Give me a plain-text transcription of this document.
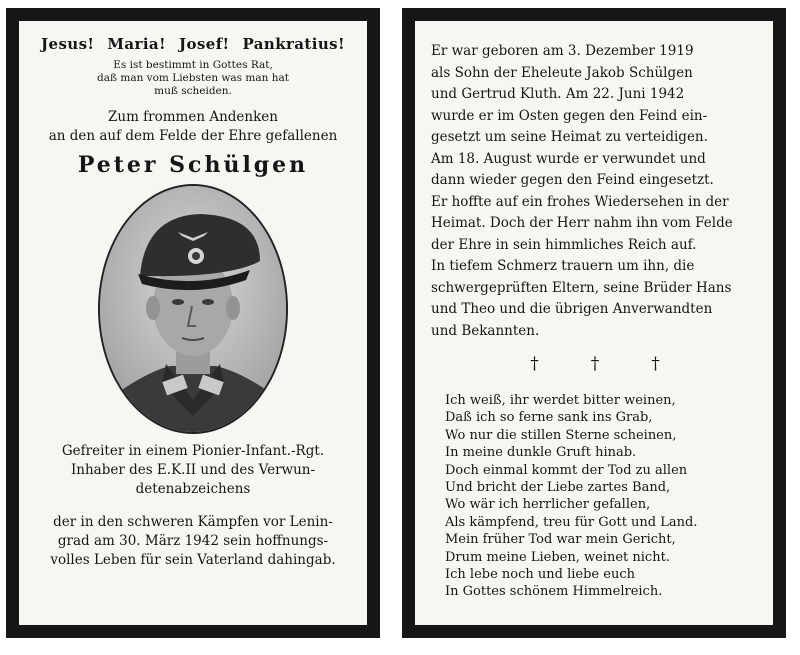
Jesus! Maria! Josef! Pankratius!
Es ist bestimmt in Gottes Rat,
daß man vom Liebsten was man hat
muß scheiden.
Zum frommen Andenken
an den auf dem Felde der Ehre gefallenen
Peter Schülgen
Gefreiter in einem Pionier-Infant.-Rgt.
Inhaber des E.K.II und des Verwun-
detenabzeichens
der in den schweren Kämpfen vor Lenin-
grad am 30. März 1942 sein hoffnungs-
volles Leben für sein Vaterland dahingab.
Er war geboren am 3. Dezember 1919
als Sohn der Eheleute Jakob Schülgen
und Gertrud Kluth. Am 22. Juni 1942
wurde er im Osten gegen den Feind ein-
gesetzt um seine Heimat zu verteidigen.
Am 18. August wurde er verwundet und
dann wieder gegen den Feind eingesetzt.
Er hoffte auf ein frohes Wiedersehen in der
Heimat. Doch der Herr nahm ihn vom Felde
der Ehre in sein himmliches Reich auf.
In tiefem Schmerz trauern um ihn, die
schwergeprüften Eltern, seine Brüder Hans
und Theo und die übrigen Anverwandten
und Bekannten.
†	†	†
Ich weiß, ihr werdet bitter weinen,
Daß ich so ferne sank ins Grab,
Wo nur die stillen Sterne scheinen,
In meine dunkle Gruft hinab.
Doch einmal kommt der Tod zu allen
Und bricht der Liebe zartes Band,
Wo wär ich herrlicher gefallen,
Als kämpfend, treu für Gott und Land.
Mein früher Tod war mein Gericht,
Drum meine Lieben, weinet nicht.
Ich lebe noch und liebe euch
In Gottes schönem Himmelreich.
